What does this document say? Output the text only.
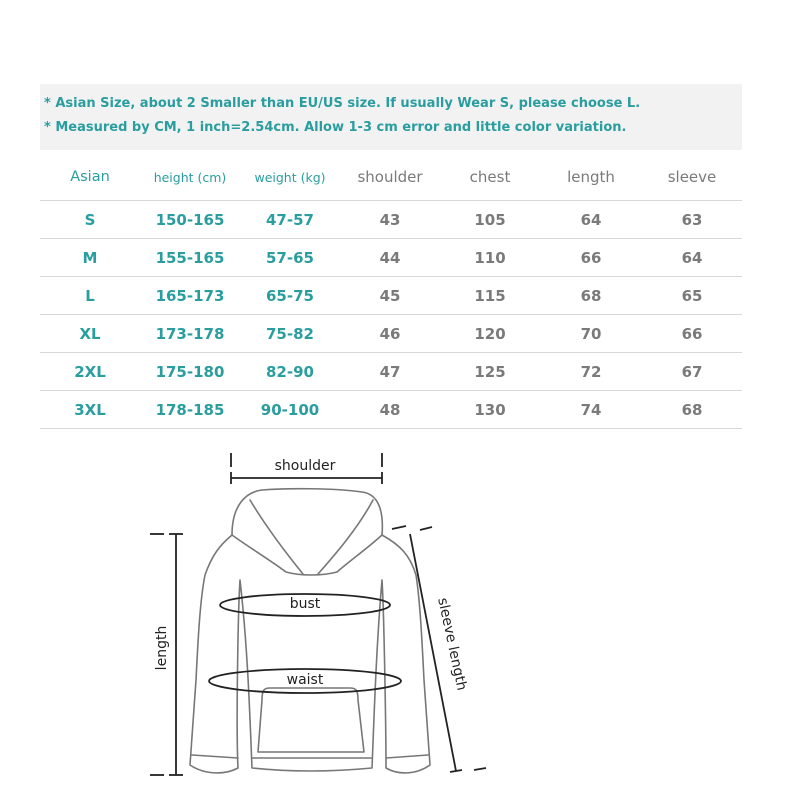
* Asian Size, about 2 Smaller than EU/US size. If usually Wear S, please choose L.
* Measured by CM, 1 inch=2.54cm. Allow 1-3 cm error and little color variation.
Asian	height (cm)	weight (kg)	shoulder	chest	length	sleeve
S	150-165	47-57	43	105	64	63
M	155-165	57-65	44	110	66	64
L	165-173	65-75	45	115	68	65
XL	173-178	75-82	46	120	70	66
2XL	175-180	82-90	47	125	72	67
3XL	178-185	90-100	48	130	74	68
shoulder
bust
waist
length	sleeve length
